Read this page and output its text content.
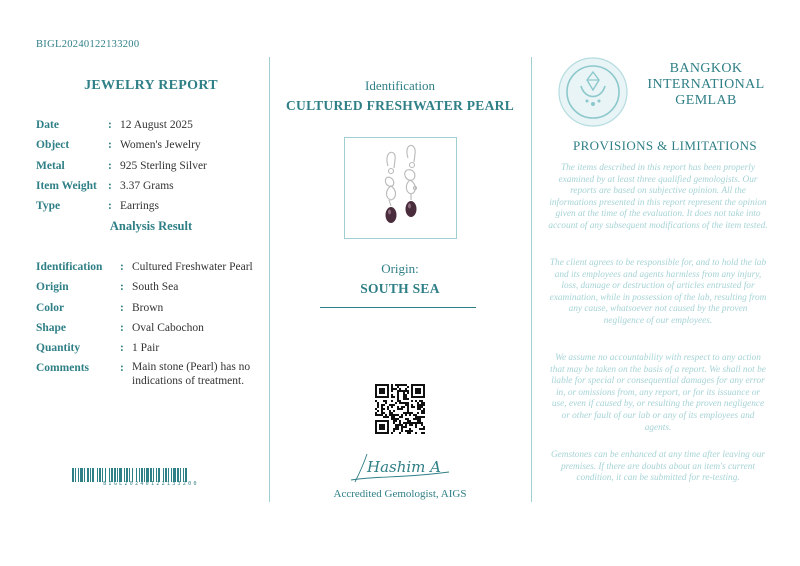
BIGL20240122133200
JEWELRY REPORT
Date	: 12 August 2025
Object	: Women's Jewelry
Metal	: 925 Sterling Silver
Item Weight : 3.37 Grams
Type	: Earrings
Analysis Result
Identification	: Cultured Freshwater Pearl
Origin	: South Sea
Color	: Brown
Shape	: Oval Cabochon
Quantity	: 1 Pair
Comments	: Main stone (Pearl) has no indications of treatment.
BIGL20240122133200
Identification
CULTURED FRESHWATER PEARL
Origin:
SOUTH SEA
Hashim A
Accredited Gemologist, AIGS
BANGKOK
INTERNATIONAL
GEMLAB
PROVISIONS & LIMITATIONS
The items described in this report has been properly examined by at least three qualified gemologists. Our reports are based on subjective opinion. All the informations presented in this report represent the opinion given at the time of the evaluation. It does not take into account of any subsequent modifications of the item tested.
The client agrees to be responsible for, and to hold the lab and its employees and agents harmless from any injury, loss, damage or destruction of articles entrusted for examination, while in possession of the lab, resulting from any cause, whatsoever not caused by the proven negligence of our employees.
We assume no accountability with respect to any action that may be taken on the basis of a report. We shall not be liable for special or consequential damages for any error in, or omissions from, any report, or for its issuance or use, even if caused by, or resulting the proven negligence or other fault of our lab or any of its employees and agents.
Gemstones can be enhanced at any time after leaving our premises. If there are doubts about an item's current condition, it can be submitted for re-testing.
